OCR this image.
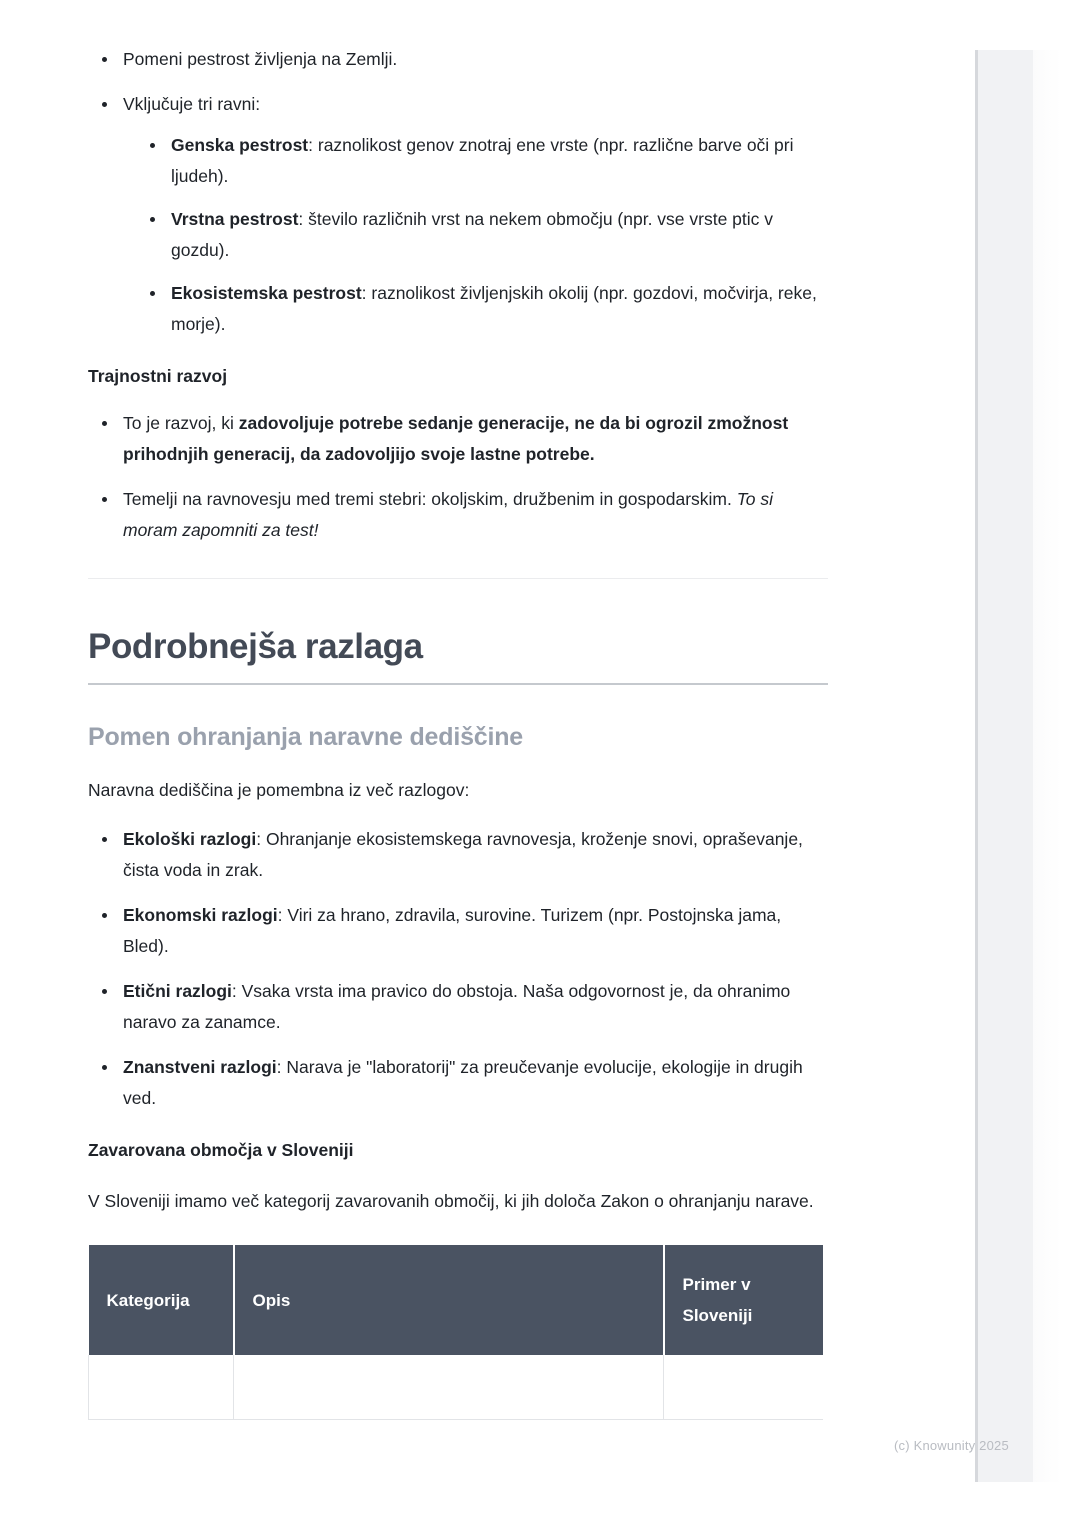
Pomeni pestrost življenja na Zemlji.
Vključuje tri ravni:
Genska pestrost: raznolikost genov znotraj ene vrste (npr. različne barve oči pri ljudeh).
Vrstna pestrost: število različnih vrst na nekem območju (npr. vse vrste ptic v gozdu).
Ekosistemska pestrost: raznolikost življenjskih okolij (npr. gozdovi, močvirja, reke, morje).
Trajnostni razvoj
To je razvoj, ki zadovoljuje potrebe sedanje generacije, ne da bi ogrozil zmožnost prihodnjih generacij, da zadovoljijo svoje lastne potrebe.
Temelji na ravnovesju med tremi stebri: okoljskim, družbenim in gospodarskim. To si moram zapomniti za test!
Podrobnejša razlaga
Pomen ohranjanja naravne dediščine

Naravna dediščina je pomembna iz več razlogov:

Ekološki razlogi: Ohranjanje ekosistemskega ravnovesja, kroženje snovi, opraševanje, čista voda in zrak.
Ekonomski razlogi: Viri za hrano, zdravila, surovine. Turizem (npr. Postojnska jama, Bled).
Etični razlogi: Vsaka vrsta ima pravico do obstoja. Naša odgovornost je, da ohranimo naravo za zanamce.
Znanstveni razlogi: Narava je "laboratorij" za preučevanje evolucije, ekologije in drugih ved.
Zavarovana območja v Sloveniji

V Sloveniji imamo več kategorij zavarovanih območij, ki jih določa Zakon o ohranjanju narave.

Kategorija	Opis	Primer v Sloveniji

(c) Knowunity 2025
